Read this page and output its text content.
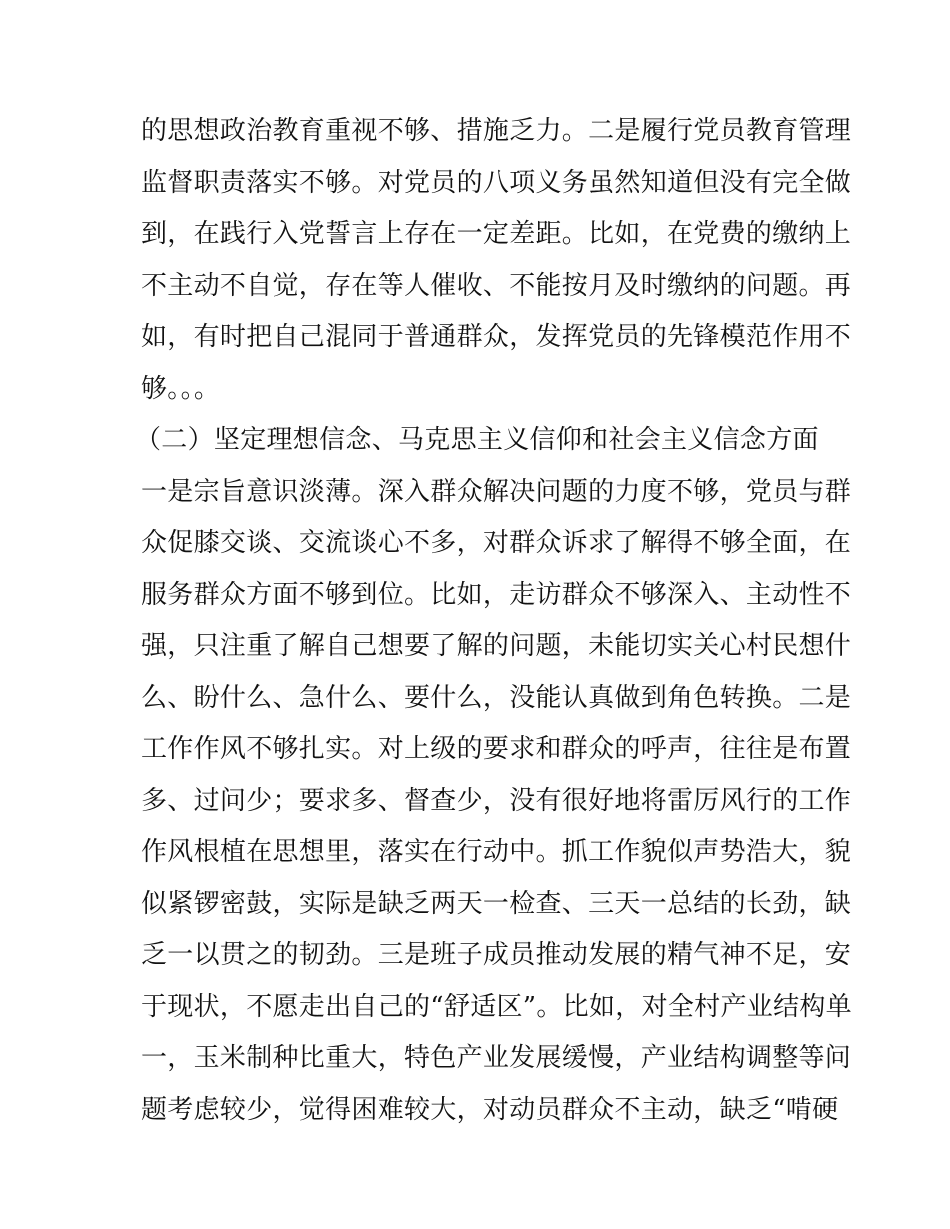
的思想政治教育重视不够、措施乏力。二是履行党员教育管理
监督职责落实不够。对党员的八项义务虽然知道但没有完全做
到，在践行入党誓言上存在一定差距。比如，在党费的缴纳上
不主动不自觉，存在等人催收、不能按月及时缴纳的问题。再
如，有时把自己混同于普通群众，发挥党员的先锋模范作用不
够。。。
（二）坚定理想信念、马克思主义信仰和社会主义信念方面
一是宗旨意识淡薄。深入群众解决问题的力度不够，党员与群
众促膝交谈、交流谈心不多，对群众诉求了解得不够全面，在
服务群众方面不够到位。比如，走访群众不够深入、主动性不
强，只注重了解自己想要了解的问题，未能切实关心村民想什
么、盼什么、急什么、要什么，没能认真做到角色转换。二是
工作作风不够扎实。对上级的要求和群众的呼声，往往是布置
多、过问少；要求多、督查少，没有很好地将雷厉风行的工作
作风根植在思想里，落实在行动中。抓工作貌似声势浩大，貌
似紧锣密鼓，实际是缺乏两天一检查、三天一总结的长劲，缺
乏一以贯之的韧劲。三是班子成员推动发展的精气神不足，安
于现状，不愿走出自己的“舒适区”。比如，对全村产业结构单
一，玉米制种比重大，特色产业发展缓慢，产业结构调整等问
题考虑较少，觉得困难较大，对动员群众不主动，缺乏“啃硬
